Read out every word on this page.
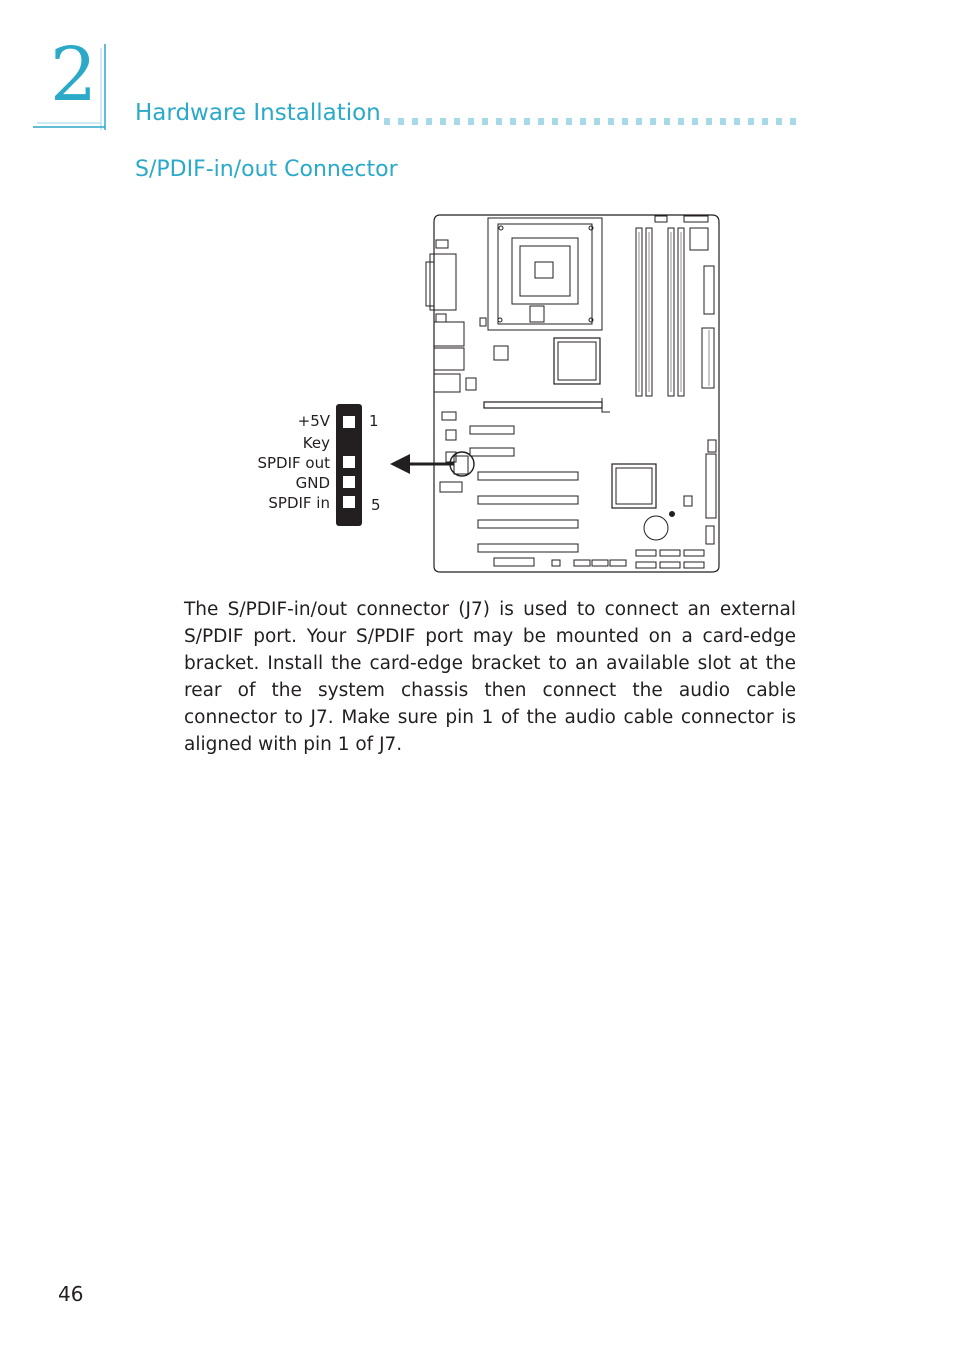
2 Hardware Installation
S/PDIF-in/out Connector
+5V
Key
SPDIF out
GND
SPDIF in
1
5

The S/PDIF-in/out connector (J7) is used to connect an external S/PDIF port. Your S/PDIF port may be mounted on a card-edge bracket. Install the card-edge bracket to an available slot at the rear of the system chassis then connect the audio cable connector to J7. Make sure pin 1 of the audio cable connector is aligned with pin 1 of J7.

46
